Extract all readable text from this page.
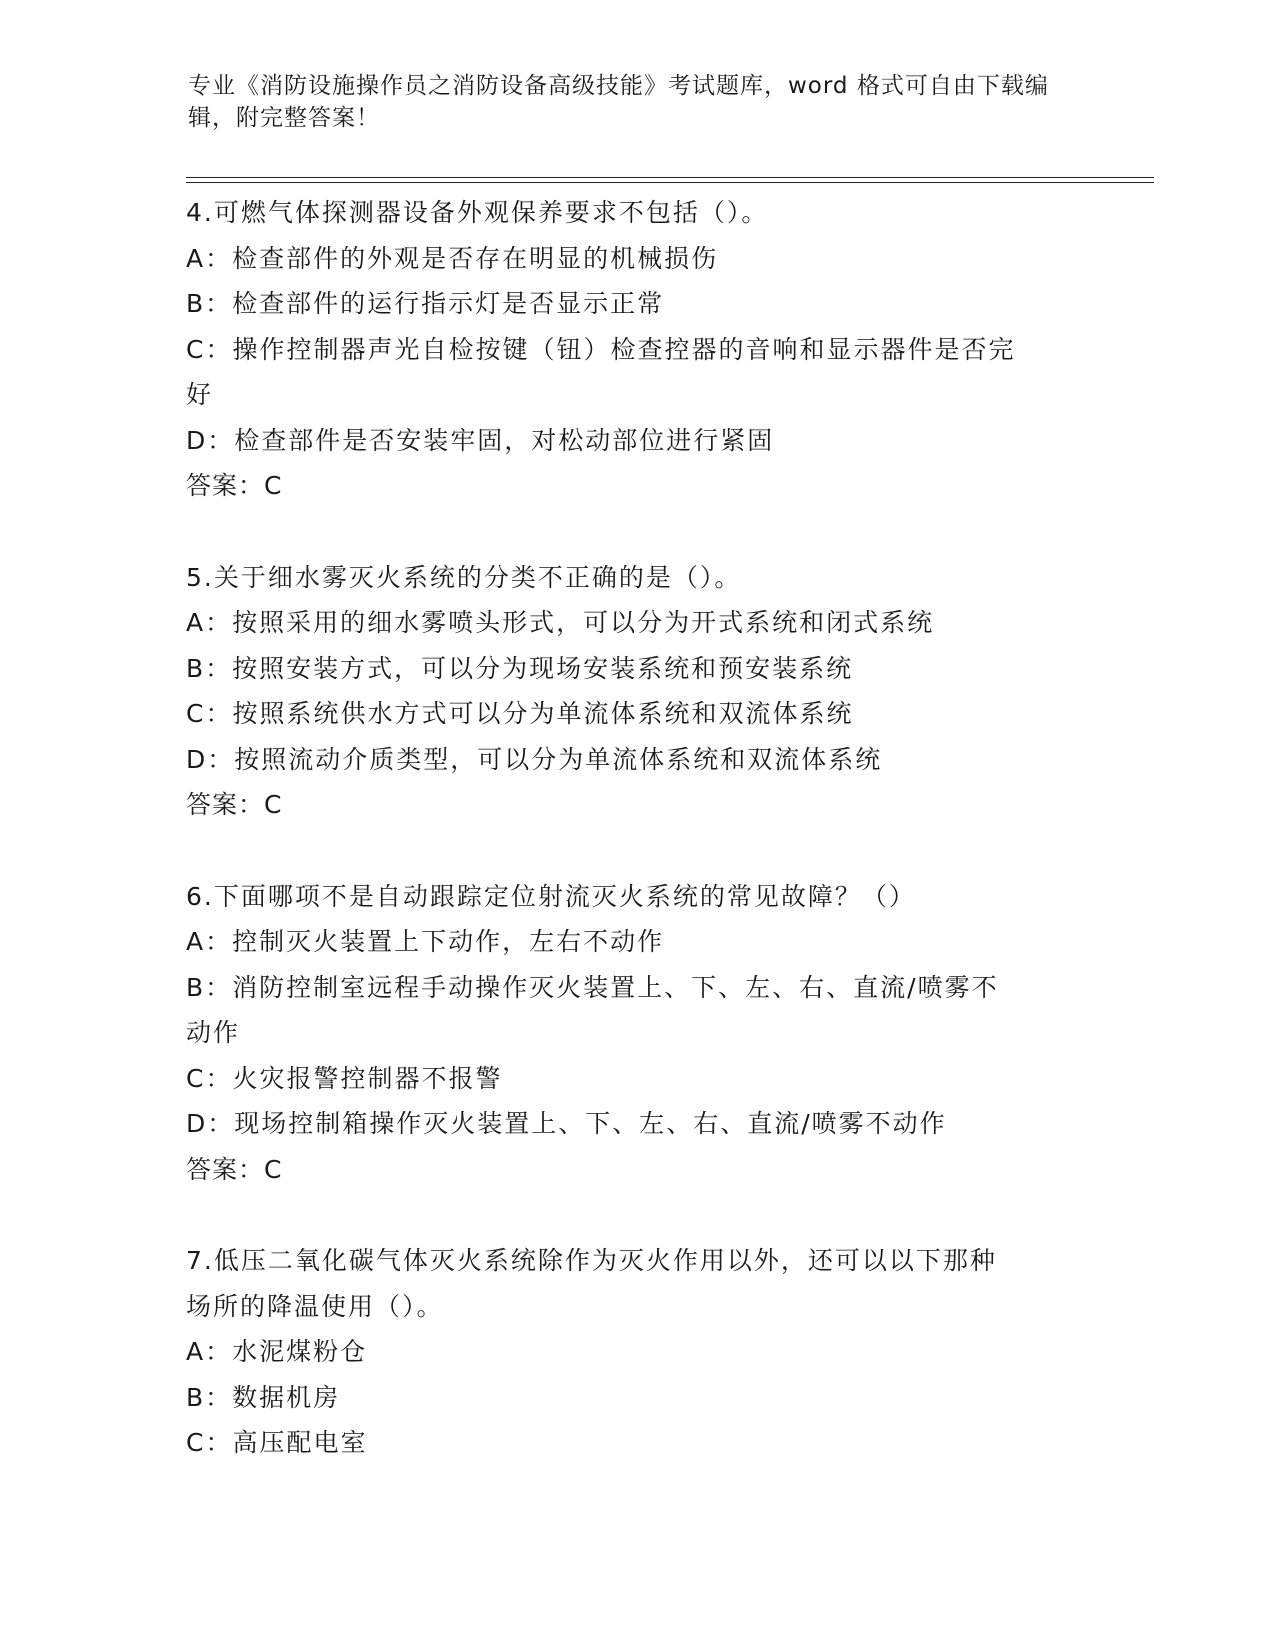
专业《消防设施操作员之消防设备高级技能》考试题库，word 格式可自由下载编
辑，附完整答案！
4.可燃气体探测器设备外观保养要求不包括（）。
A：检查部件的外观是否存在明显的机械损伤
B：检查部件的运行指示灯是否显示正常
C：操作控制器声光自检按键（钮）检查控器的音响和显示器件是否完
好
D：检查部件是否安装牢固，对松动部位进行紧固
答案：C
5.关于细水雾灭火系统的分类不正确的是（）。
A：按照采用的细水雾喷头形式，可以分为开式系统和闭式系统
B：按照安装方式，可以分为现场安装系统和预安装系统
C：按照系统供水方式可以分为单流体系统和双流体系统
D：按照流动介质类型，可以分为单流体系统和双流体系统
答案：C
6.下面哪项不是自动跟踪定位射流灭火系统的常见故障？（）
A：控制灭火装置上下动作，左右不动作
B：消防控制室远程手动操作灭火装置上、下、左、右、直流/喷雾不
动作
C：火灾报警控制器不报警
D：现场控制箱操作灭火装置上、下、左、右、直流/喷雾不动作
答案：C
7.低压二氧化碳气体灭火系统除作为灭火作用以外，还可以以下那种
场所的降温使用（）。
A：水泥煤粉仓
B：数据机房
C：高压配电室
